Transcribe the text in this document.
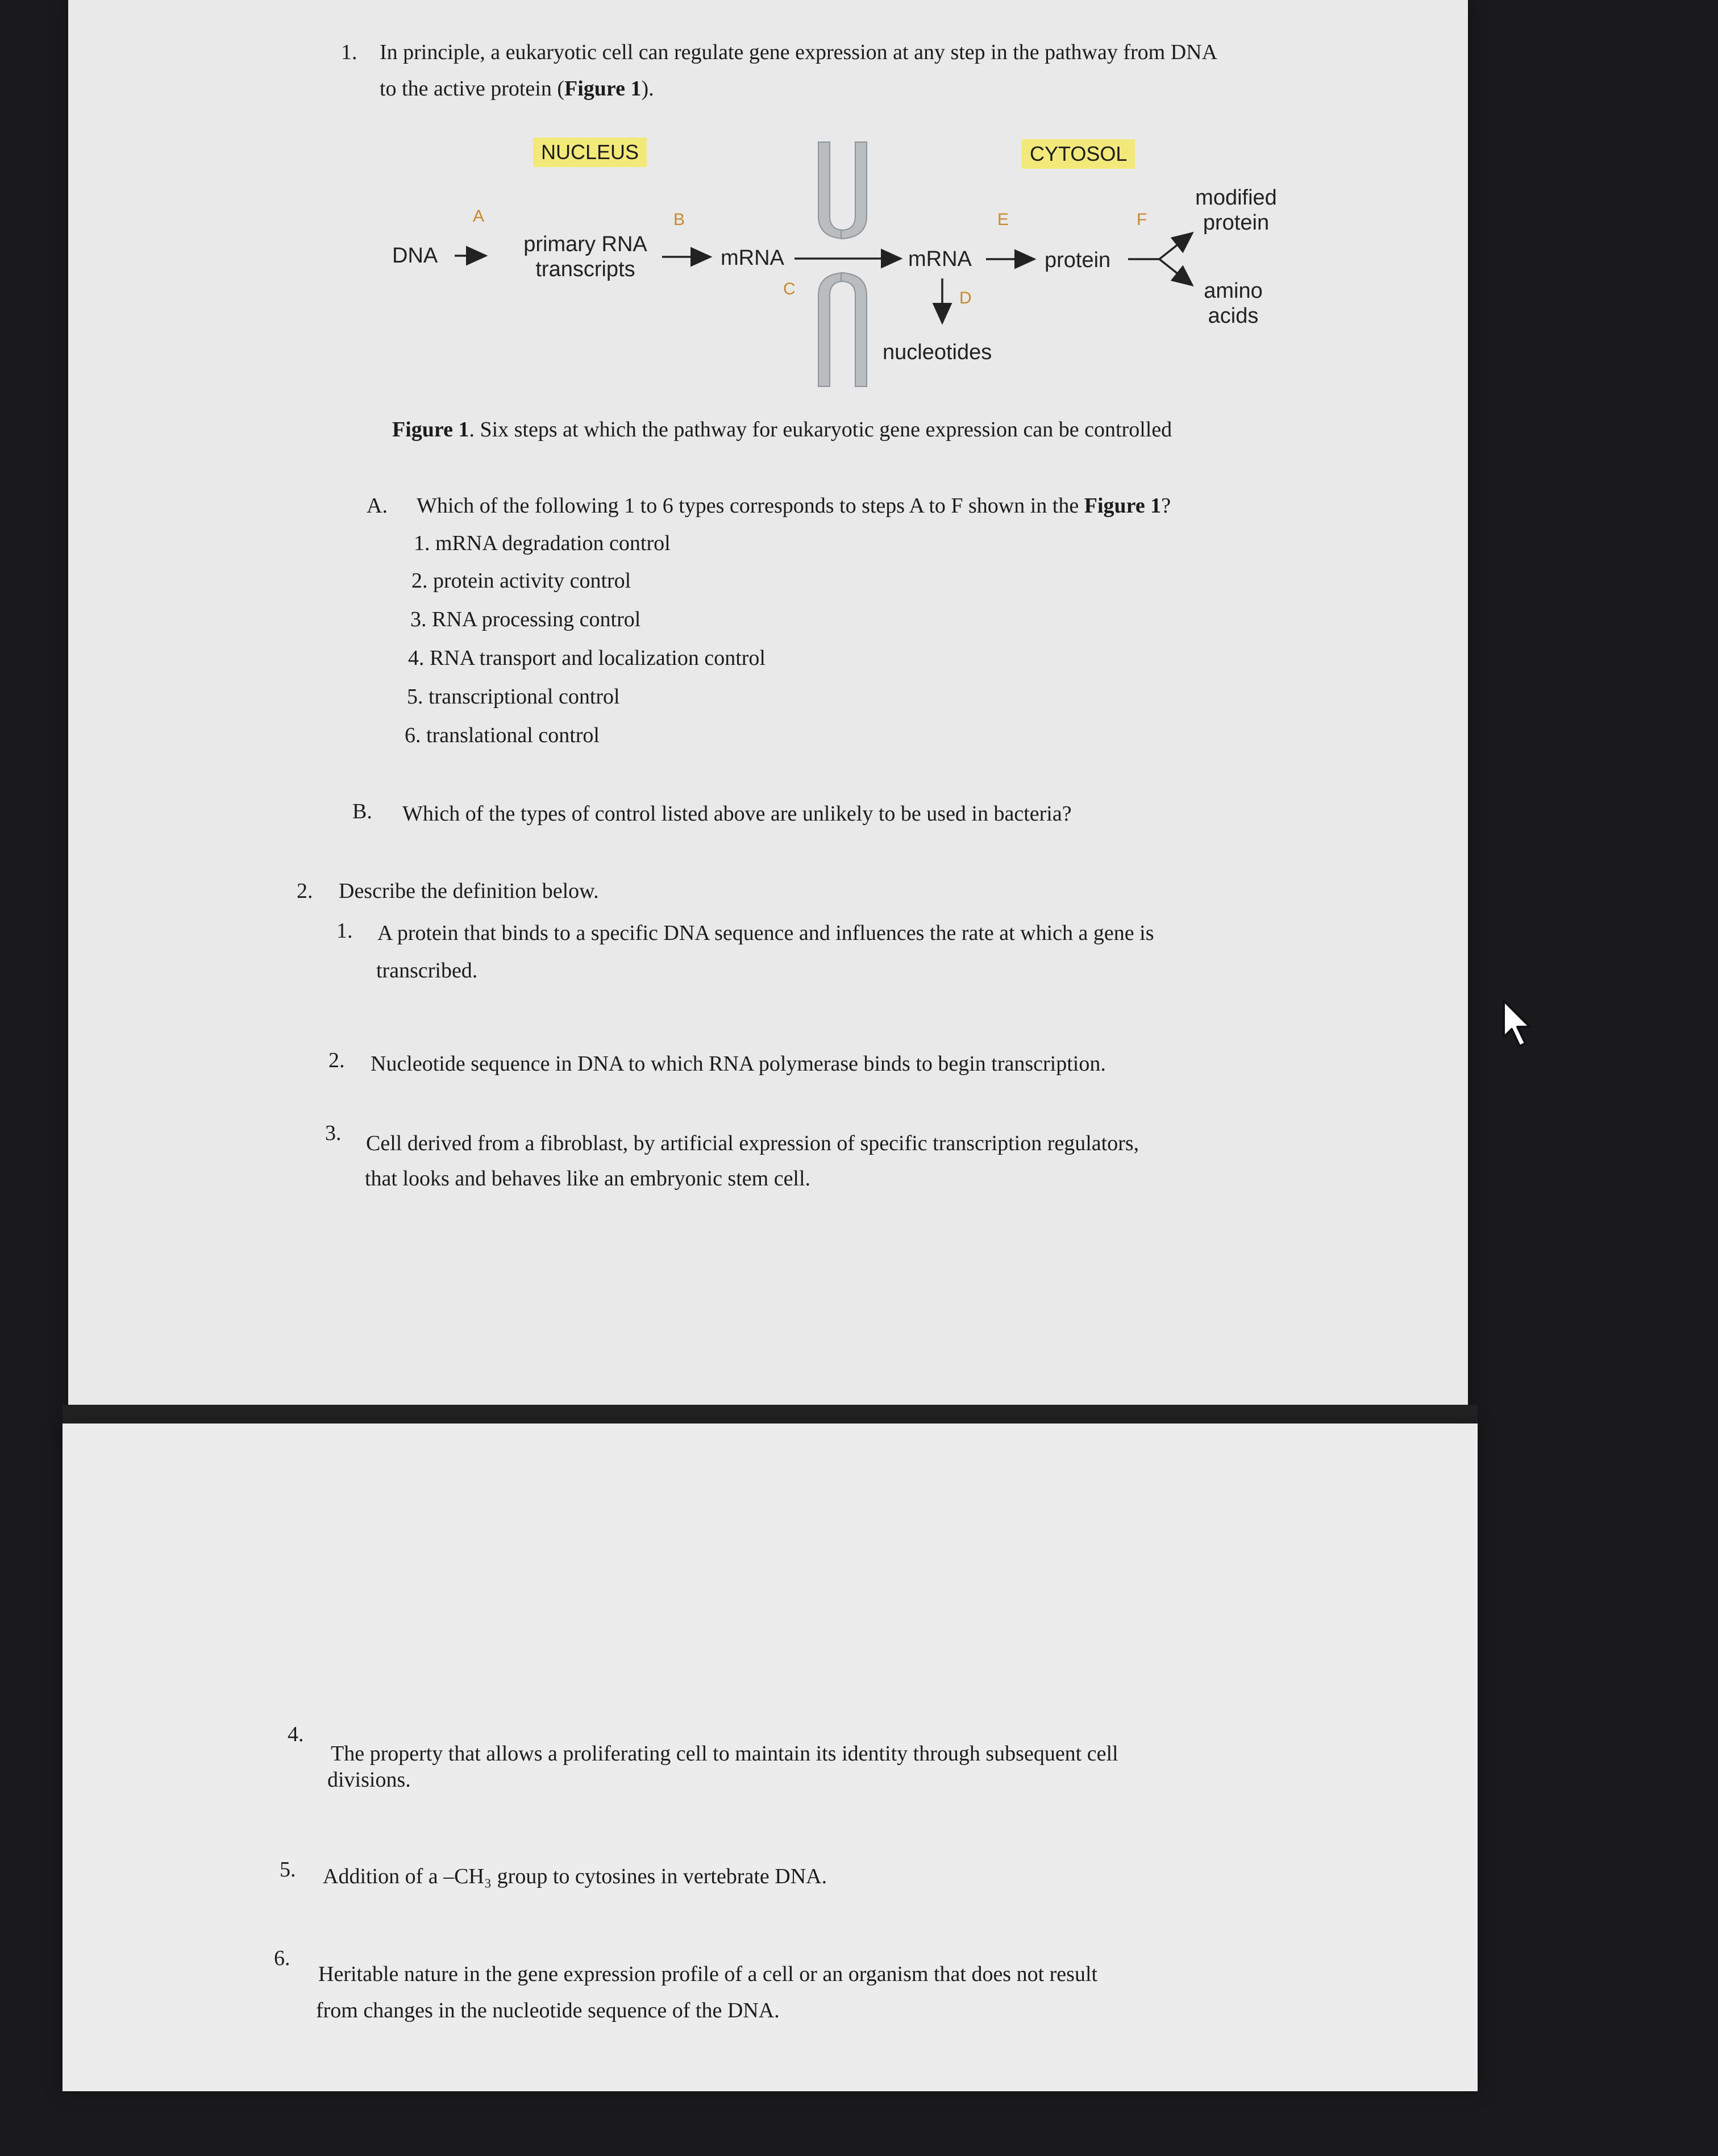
1. In principle, a eukaryotic cell can regulate gene expression at any step in the pathway from DNA
to the active protein (Figure 1).
NUCLEUS	CYTOSOL
DNA	primary RNA
transcripts	mRNA	mRNA	protein
modified
protein
amino
acids
nucleotides
A	B
C	D
E	F
Figure 1. Six steps at which the pathway for eukaryotic gene expression can be controlled
A. Which of the following 1 to 6 types corresponds to steps A to F shown in the Figure 1?
1. mRNA degradation control
2. protein activity control
3. RNA processing control
4. RNA transport and localization control
5. transcriptional control
6. translational control
B. Which of the types of control listed above are unlikely to be used in bacteria?
2. Describe the definition below.
1. A protein that binds to a specific DNA sequence and influences the rate at which a gene is
transcribed.
2. Nucleotide sequence in DNA to which RNA polymerase binds to begin transcription.
3. Cell derived from a fibroblast, by artificial expression of specific transcription regulators,
that looks and behaves like an embryonic stem cell.
4.
The property that allows a proliferating cell to maintain its identity through subsequent cell
divisions.
5. Addition of a –CH₃ group to cytosines in vertebrate DNA.
6.
Heritable nature in the gene expression profile of a cell or an organism that does not result
from changes in the nucleotide sequence of the DNA.
